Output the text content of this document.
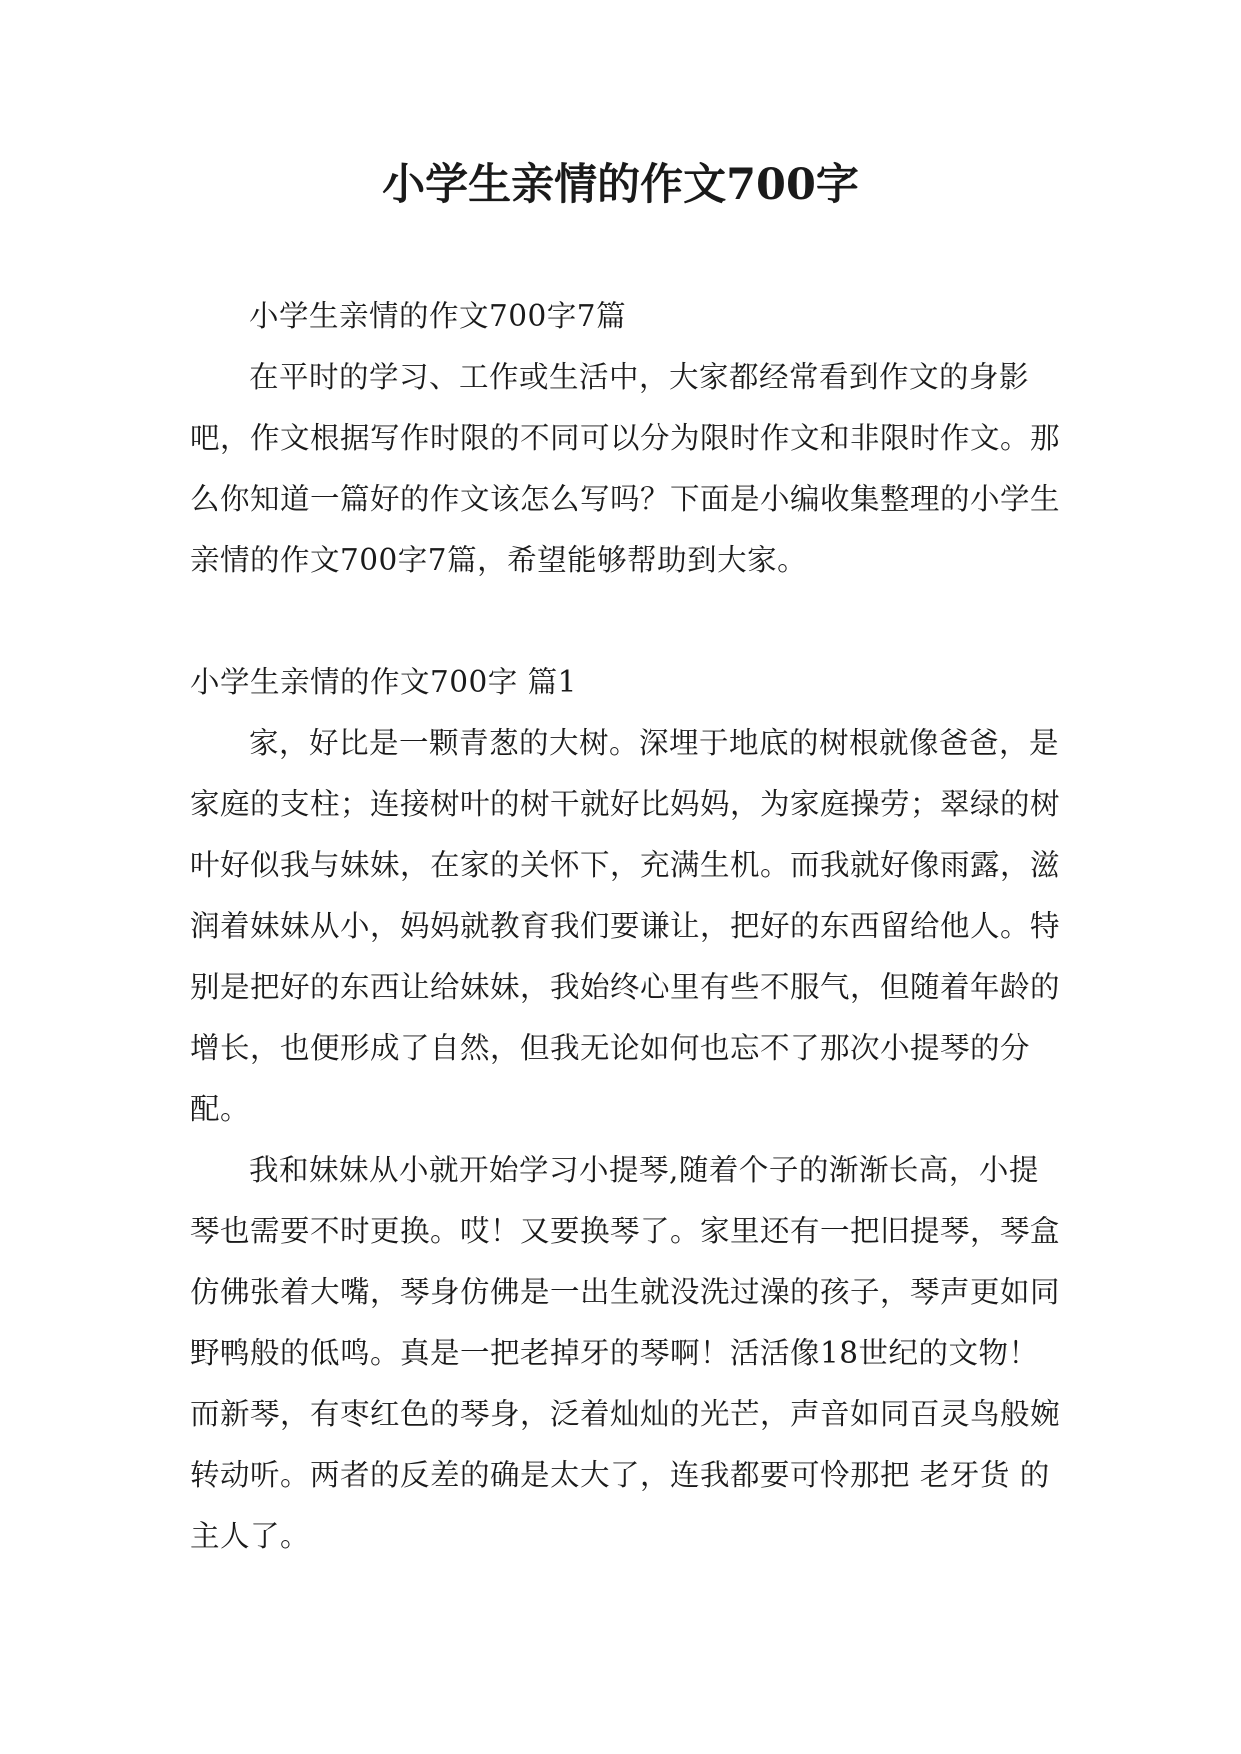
小学生亲情的作文700字

小学生亲情的作文700字7篇

在平时的学习、工作或生活中，大家都经常看到作文的身影吧，作文根据写作时限的不同可以分为限时作文和非限时作文。那么你知道一篇好的作文该怎么写吗？下面是小编收集整理的小学生亲情的作文700字7篇，希望能够帮助到大家。

小学生亲情的作文700字 篇1

家，好比是一颗青葱的大树。深埋于地底的树根就像爸爸，是家庭的支柱；连接树叶的树干就好比妈妈，为家庭操劳；翠绿的树叶好似我与妹妹，在家的关怀下，充满生机。而我就好像雨露，滋润着妹妹从小，妈妈就教育我们要谦让，把好的东西留给他人。特别是把好的东西让给妹妹，我始终心里有些不服气，但随着年龄的增长，也便形成了自然，但我无论如何也忘不了那次小提琴的分配。

我和妹妹从小就开始学习小提琴,随着个子的渐渐长高，小提琴也需要不时更换。哎！又要换琴了。家里还有一把旧提琴，琴盒仿佛张着大嘴，琴身仿佛是一出生就没洗过澡的孩子，琴声更如同野鸭般的低鸣。真是一把老掉牙的琴啊！活活像18世纪的文物！而新琴，有枣红色的琴身，泛着灿灿的光芒，声音如同百灵鸟般婉转动听。两者的反差的确是太大了，连我都要可怜那把 老牙货 的主人了。
